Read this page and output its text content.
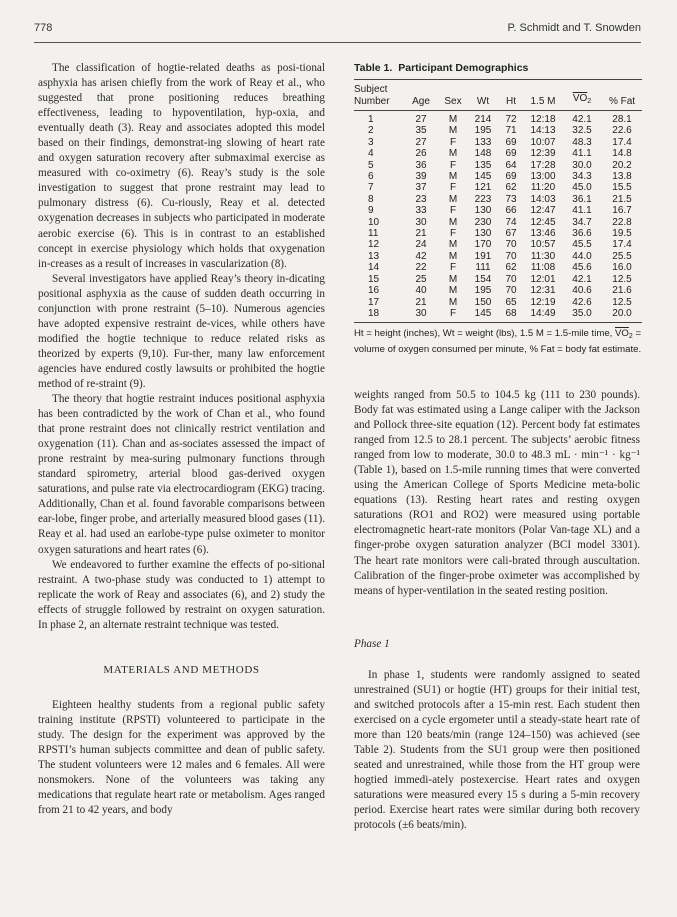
778	P. Schmidt and T. Snowden

The classification of hogtie-related deaths as posi-tional asphyxia has arisen chiefly from the work of Reay et al., who suggested that prone positioning reduces breathing effectiveness, leading to hypoventilation, hyp-oxia, and eventually death (3). Reay and associates adopted this model based on their findings, demonstrat-ing slowing of heart rate and oxygen saturation recovery after submaximal exercise as measured with co-oximetry (6). Reay’s study is the sole investigation to suggest that prone restraint may lead to pulmonary distress (6). Cu-riously, Reay et al. detected oxygenation decreases in subjects who participated in moderate aerobic exercise (6). This is in contrast to an established concept in exercise physiology which holds that oxygenation in-creases as a result of increases in vascularization (8).

Several investigators have applied Reay’s theory in-dicating positional asphyxia as the cause of sudden death occurring in conjunction with prone restraint (5–10). Numerous agencies have adopted expensive restraint de-vices, while others have modified the hogtie technique to reduce related risks as theorized by experts (9,10). Fur-ther, many law enforcement agencies have endured costly lawsuits or prohibited the hogtie method of re-straint (9).

The theory that hogtie restraint induces positional asphyxia has been contradicted by the work of Chan et al., who found that prone restraint does not clinically restrict ventilation and oxygenation (11). Chan and as-sociates assessed the impact of prone restraint by mea-suring pulmonary functions through standard spirometry, arterial blood gas-derived oxygen saturations, and pulse rate via electrocardiogram (EKG) tracing. Additionally, Chan et al. found favorable comparisons between ear-lobe, finger probe, and arterially measured blood gases (11). Reay et al. had used an earlobe-type pulse oximeter to monitor oxygen saturations and heart rates (6).

We endeavored to further examine the effects of po-sitional restraint. A two-phase study was conducted to 1) attempt to replicate the work of Reay and associates (6), and 2) study the effects of struggle followed by restraint on oxygen saturation. In phase 2, an alternate restraint technique was tested.

MATERIALS AND METHODS

Eighteen healthy students from a regional public safety training institute (RPSTI) volunteered to participate in the study. The design for the experiment was approved by the RPSTI’s human subjects committee and dean of public safety. The student volunteers were 12 males and 6 females. All were nonsmokers. None of the volunteers was taking any medications that regulate heart rate or metabolism. Ages ranged from 21 to 42 years, and body

Table 1. Participant Demographics
Subject
Number	Age	Sex	Wt	Ht	1.5 M	$\overline{VO}_2$	% Fat
1	27	M	214	72	12:18	42.1	28.1
2	35	M	195	71	14:13	32.5	22.6
3	27	F	133	69	10:07	48.3	17.4
4	26	M	148	69	12:39	41.1	14.8
5	36	F	135	64	17:28	30.0	20.2
6	39	M	145	69	13:00	34.3	13.8
7	37	F	121	62	11:20	45.0	15.5
8	23	M	223	73	14:03	36.1	21.5
9	33	F	130	66	12:47	41.1	16.7
10	30	M	230	74	12:45	34.7	22.8
11	21	F	130	67	13:46	36.6	19.5
12	24	M	170	70	10:57	45.5	17.4
13	42	M	191	70	11:30	44.0	25.5
14	22	F	111	62	11:08	45.6	16.0
15	25	M	154	70	12:01	42.1	12.5
16	40	M	195	70	12:31	40.6	21.6
17	21	M	150	65	12:19	42.6	12.5
18	30	F	145	68	14:49	35.0	20.0
Ht = height (inches), Wt = weight (lbs), 1.5 M = 1.5-mile time, $\overline{VO}_2$ = volume of oxygen consumed per minute, % Fat = body fat estimate.

weights ranged from 50.5 to 104.5 kg (111 to 230 pounds). Body fat was estimated using a Lange caliper with the Jackson and Pollock three-site equation (12). Percent body fat estimates ranged from 12.5 to 28.1 percent. The subjects’ aerobic fitness ranged from low to moderate, 30.0 to 48.3 mL · min⁻¹ · kg⁻¹ (Table 1), based on 1.5-mile running times that were converted using the American College of Sports Medicine meta-bolic equations (13). Resting heart rates and resting oxygen saturations (RO1 and RO2) were measured using portable electromagnetic heart-rate monitors (Polar Van-tage XL) and a finger-probe oxygen saturation analyzer (BCI model 3301). The heart rate monitors were cali-brated through auscultation. Calibration of the finger-probe oximeter was accomplished by means of hyper-ventilation in the seated resting position.

Phase 1

In phase 1, students were randomly assigned to seated unrestrained (SU1) or hogtie (HT) groups for their initial test, and switched protocols after a 15-min rest. Each student then exercised on a cycle ergometer until a steady-state heart rate of more than 120 beats/min (range 124–150) was achieved (see Table 2). Students from the SU1 group were then positioned seated and unrestrained, while those from the HT group were hogtied immedi-ately postexercise. Heart rates and oxygen saturations were measured every 15 s during a 5-min recovery period. Exercise heart rates were similar during both recovery protocols (±6 beats/min).
